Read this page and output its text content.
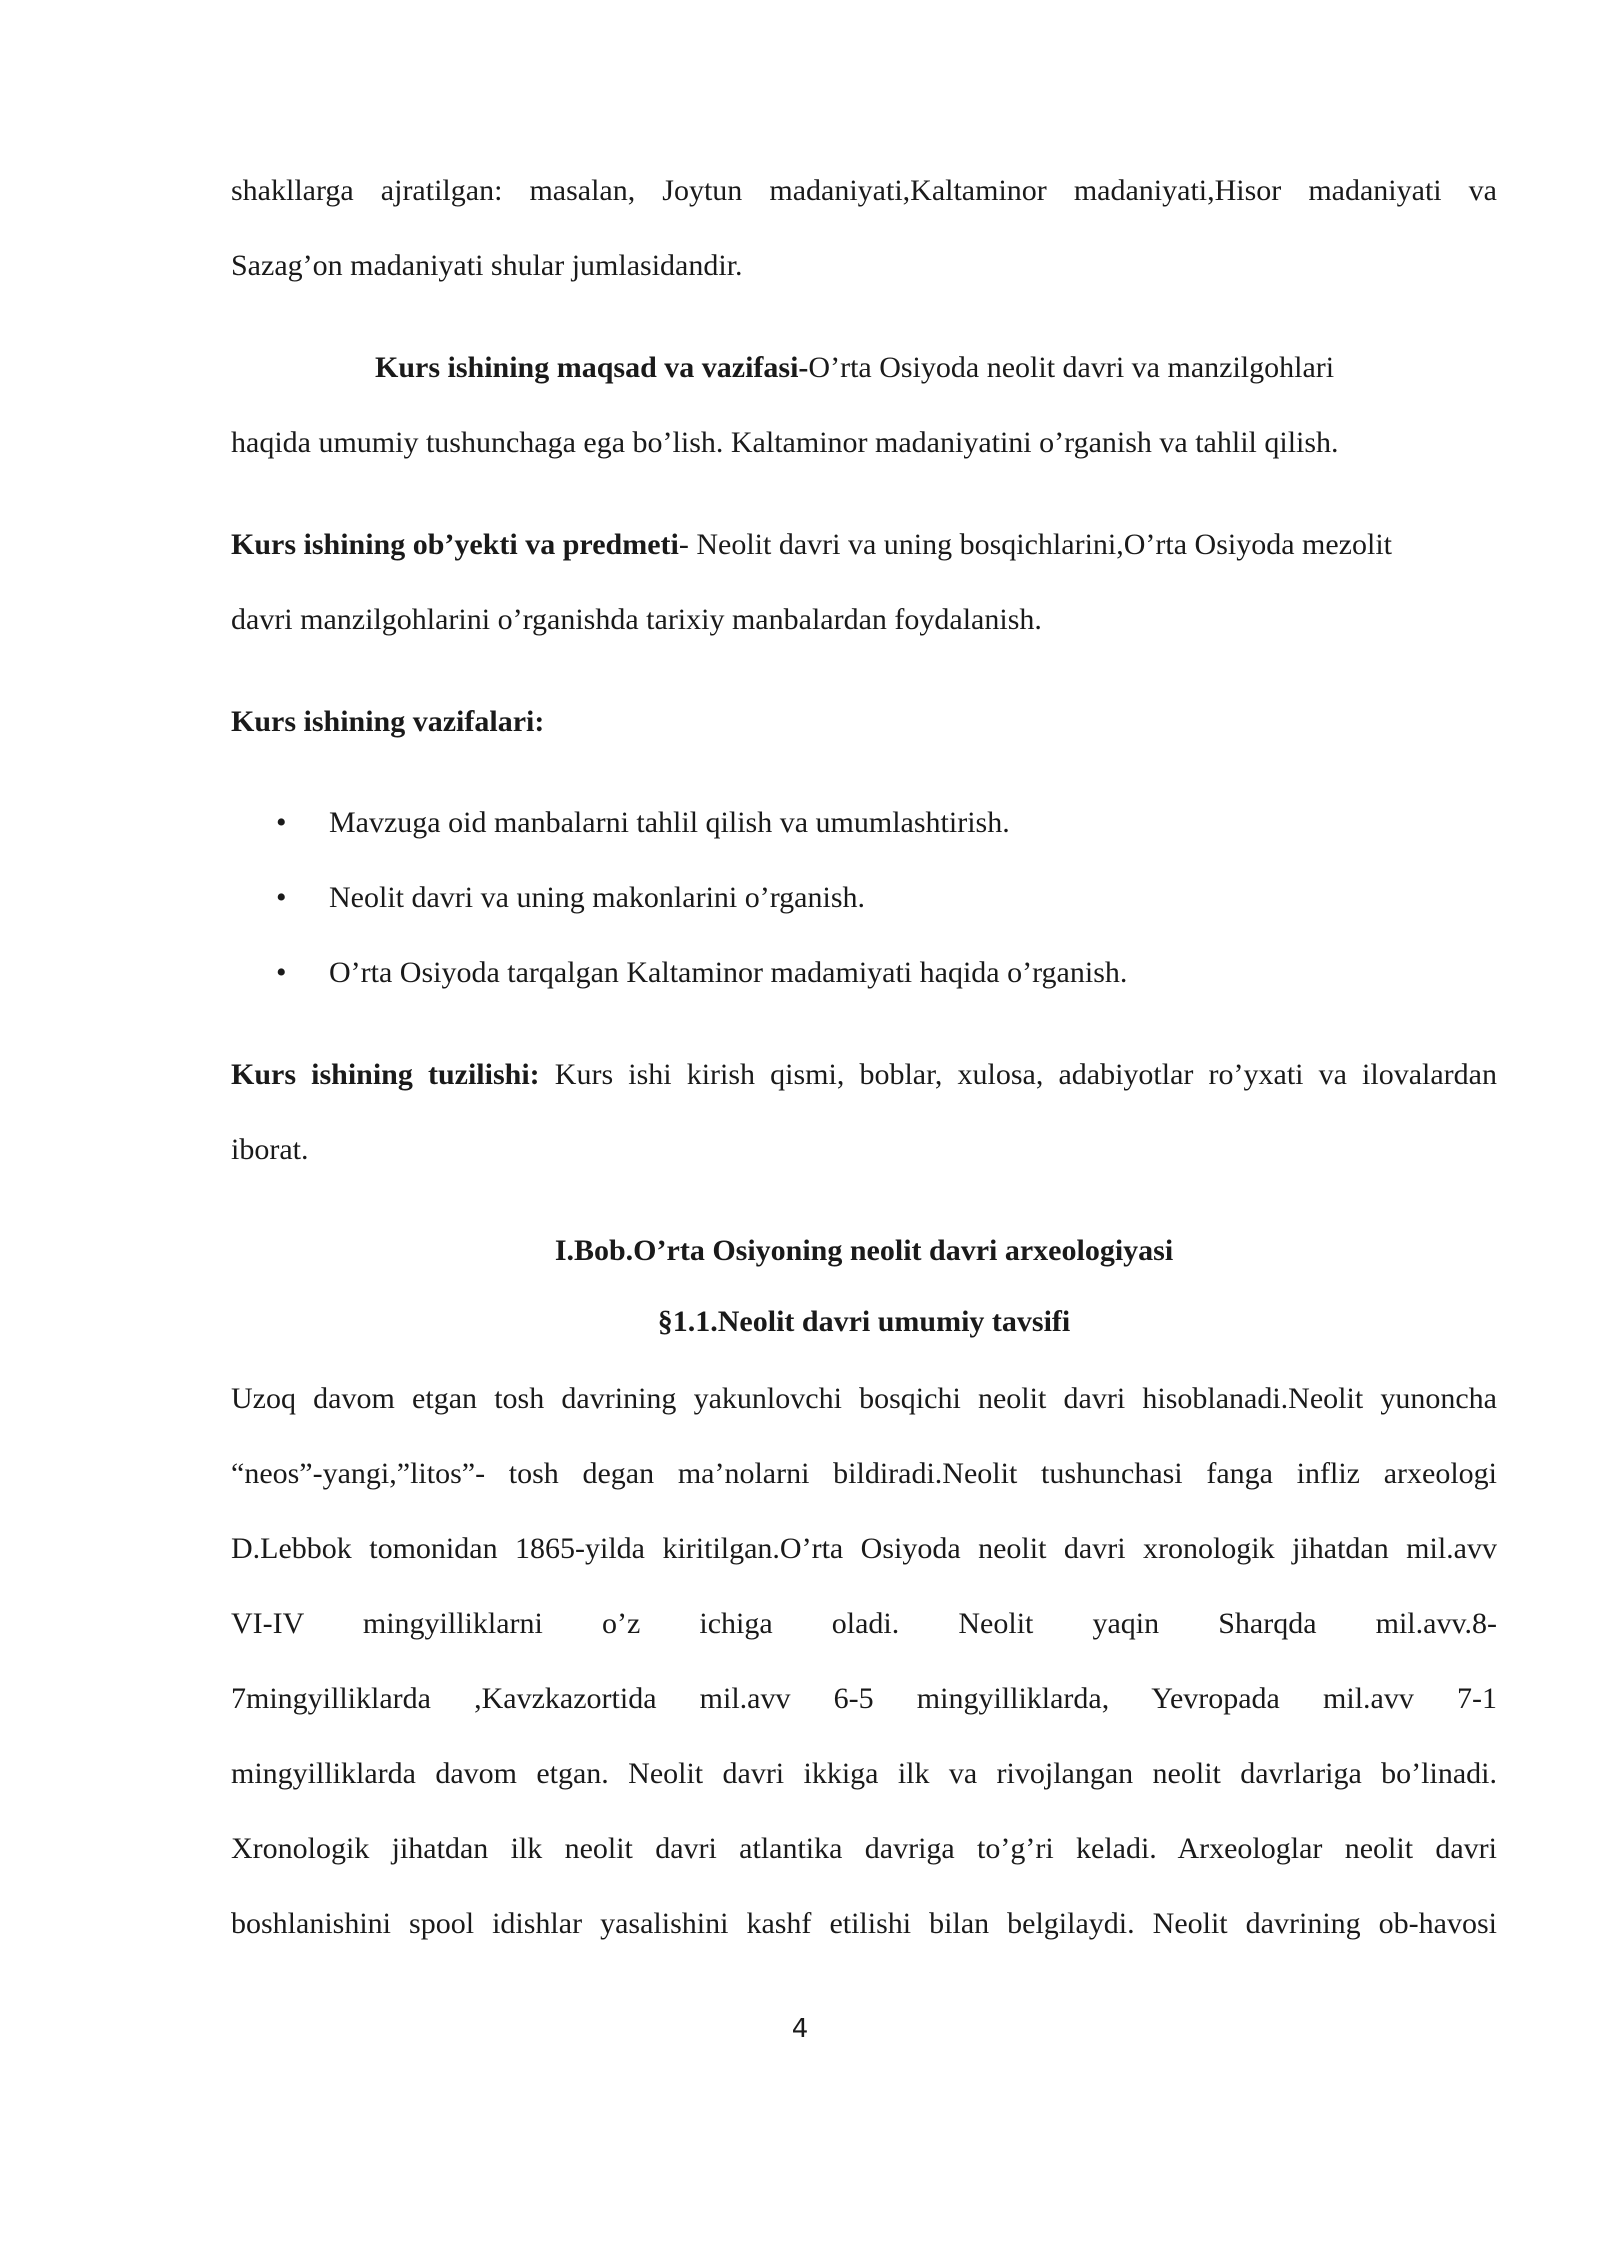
shakllarga ajratilgan: masalan, Joytun madaniyati,Kaltaminor madaniyati,Hisor madaniyati va

Sazag’on madaniyati shular jumlasidandir.

Kurs ishining maqsad va vazifasi-O’rta Osiyoda neolit davri va manzilgohlari

haqida umumiy tushunchaga ega bo’lish. Kaltaminor madaniyatini o’rganish va tahlil qilish.

Kurs ishining ob’yekti va predmeti- Neolit davri va uning bosqichlarini,O’rta Osiyoda mezolit

davri manzilgohlarini o’rganishda tarixiy manbalardan foydalanish.

Kurs ishining vazifalari:

• Mavzuga oid manbalarni tahlil qilish va umumlashtirish.
• Neolit davri va uning makonlarini o’rganish.
• O’rta Osiyoda tarqalgan Kaltaminor madamiyati haqida o’rganish.

Kurs ishining tuzilishi: Kurs ishi kirish qismi, boblar, xulosa, adabiyotlar ro’yxati va ilovalardan

iborat.

I.Bob.O’rta Osiyoning neolit davri arxeologiyasi

§1.1.Neolit davri umumiy tavsifi

Uzoq davom etgan tosh davrining yakunlovchi bosqichi neolit davri hisoblanadi.Neolit yunoncha

“neos”-yangi,”litos”- tosh degan ma’nolarni bildiradi.Neolit tushunchasi fanga infliz arxeologi

D.Lebbok tomonidan 1865-yilda kiritilgan.O’rta Osiyoda neolit davri xronologik jihatdan mil.avv

VI-IV mingyilliklarni o’z ichiga oladi. Neolit yaqin Sharqda mil.avv.8-

7mingyilliklarda ,Kavzkazortida mil.avv 6-5 mingyilliklarda, Yevropada mil.avv 7-1

mingyilliklarda davom etgan. Neolit davri ikkiga ilk va rivojlangan neolit davrlariga bo’linadi.

Xronologik jihatdan ilk neolit davri atlantika davriga to’g’ri keladi. Arxeologlar neolit davri

boshlanishini spool idishlar yasalishini kashf etilishi bilan belgilaydi. Neolit davrining ob-havosi

4
